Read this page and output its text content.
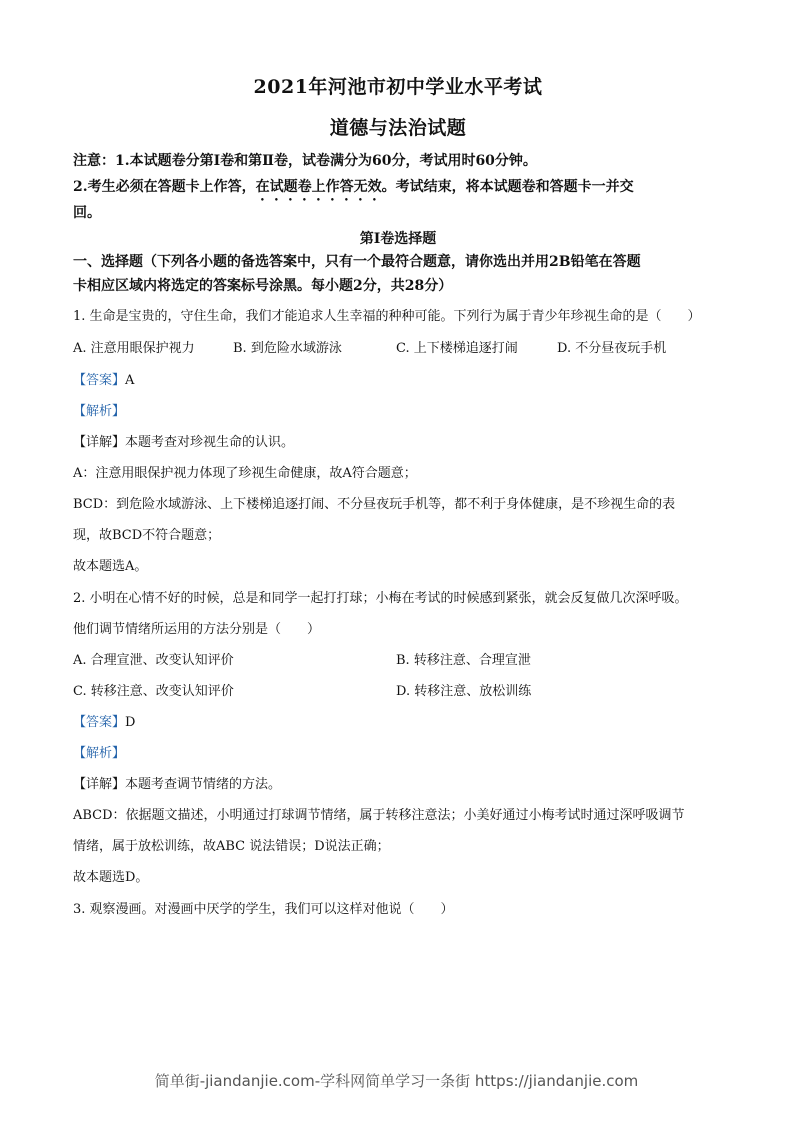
2021年河池市初中学业水平考试
道德与法治试题
注意：1.本试题卷分第Ⅰ卷和第Ⅱ卷，试卷满分为60分，考试用时60分钟。
2.考生必须在答题卡上作答，在试题卷上作答无效。考试结束，将本试题卷和答题卡一并交
回。
第Ⅰ卷选择题
一、选择题（下列各小题的备选答案中，只有一个最符合题意，请你选出并用2B铅笔在答题
卡相应区域内将选定的答案标号涂黑。每小题2分，共28分）
1. 生命是宝贵的，守住生命，我们才能追求人生幸福的种种可能。下列行为属于青少年珍视生命的是（　　）
A. 注意用眼保护视力	B. 到危险水域游泳	C. 上下楼梯追逐打闹	D. 不分昼夜玩手机
【答案】A
【解析】
【详解】本题考查对珍视生命的认识。
A：注意用眼保护视力体现了珍视生命健康，故A符合题意；
BCD：到危险水域游泳、上下楼梯追逐打闹、不分昼夜玩手机等，都不利于身体健康，是不珍视生命的表
现，故BCD不符合题意；
故本题选A。
2. 小明在心情不好的时候，总是和同学一起打打球；小梅在考试的时候感到紧张，就会反复做几次深呼吸。
他们调节情绪所运用的方法分别是（　　）
A. 合理宣泄、改变认知评价	B. 转移注意、合理宣泄
C. 转移注意、改变认知评价	D. 转移注意、放松训练
【答案】D
【解析】
【详解】本题考查调节情绪的方法。
ABCD：依据题文描述，小明通过打球调节情绪，属于转移注意法；小美好通过小梅考试时通过深呼吸调节
情绪，属于放松训练，故ABC 说法错误；D说法正确；
故本题选D。
3. 观察漫画。对漫画中厌学的学生，我们可以这样对他说（　　）
简单街-jiandanjie.com-学科网简单学习一条街 https://jiandanjie.com
